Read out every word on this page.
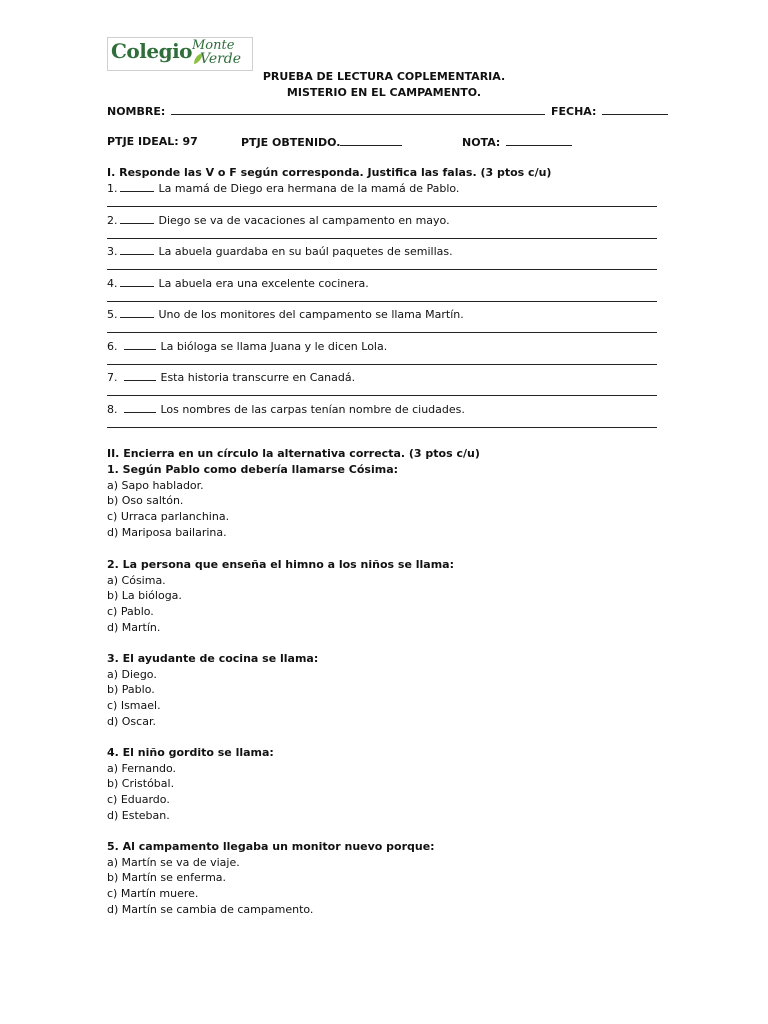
Colegio Monte
Verde
PRUEBA DE LECTURA COPLEMENTARIA.
MISTERIO EN EL CAMPAMENTO.
NOMBRE:	FECHA:
PTJE IDEAL: 97	PTJE OBTENIDO.	NOTA:
I. Responde las V o F según corresponda. Justifica las falas. (3 ptos c/u)
1.	La mamá de Diego era hermana de la mamá de Pablo.
2.	Diego se va de vacaciones al campamento en mayo.
3.	La abuela guardaba en su baúl paquetes de semillas.
4.	La abuela era una excelente cocinera.
5.	Uno de los monitores del campamento se llama Martín.
6.	La bióloga se llama Juana y le dicen Lola.
7.	Esta historia transcurre en Canadá.
8.	Los nombres de las carpas tenían nombre de ciudades.
II. Encierra en un círculo la alternativa correcta. (3 ptos c/u)
1. Según Pablo como debería llamarse Cósima:
a) Sapo hablador.
b) Oso saltón.
c) Urraca parlanchina.
d) Mariposa bailarina.
2. La persona que enseña el himno a los niños se llama:
a) Cósima.
b) La bióloga.
c) Pablo.
d) Martín.
3. El ayudante de cocina se llama:
a) Diego.
b) Pablo.
c) Ismael.
d) Oscar.
4. El niño gordito se llama:
a) Fernando.
b) Cristóbal.
c) Eduardo.
d) Esteban.
5. Al campamento llegaba un monitor nuevo porque:
a) Martín se va de viaje.
b) Martín se enferma.
c) Martín muere.
d) Martín se cambia de campamento.
